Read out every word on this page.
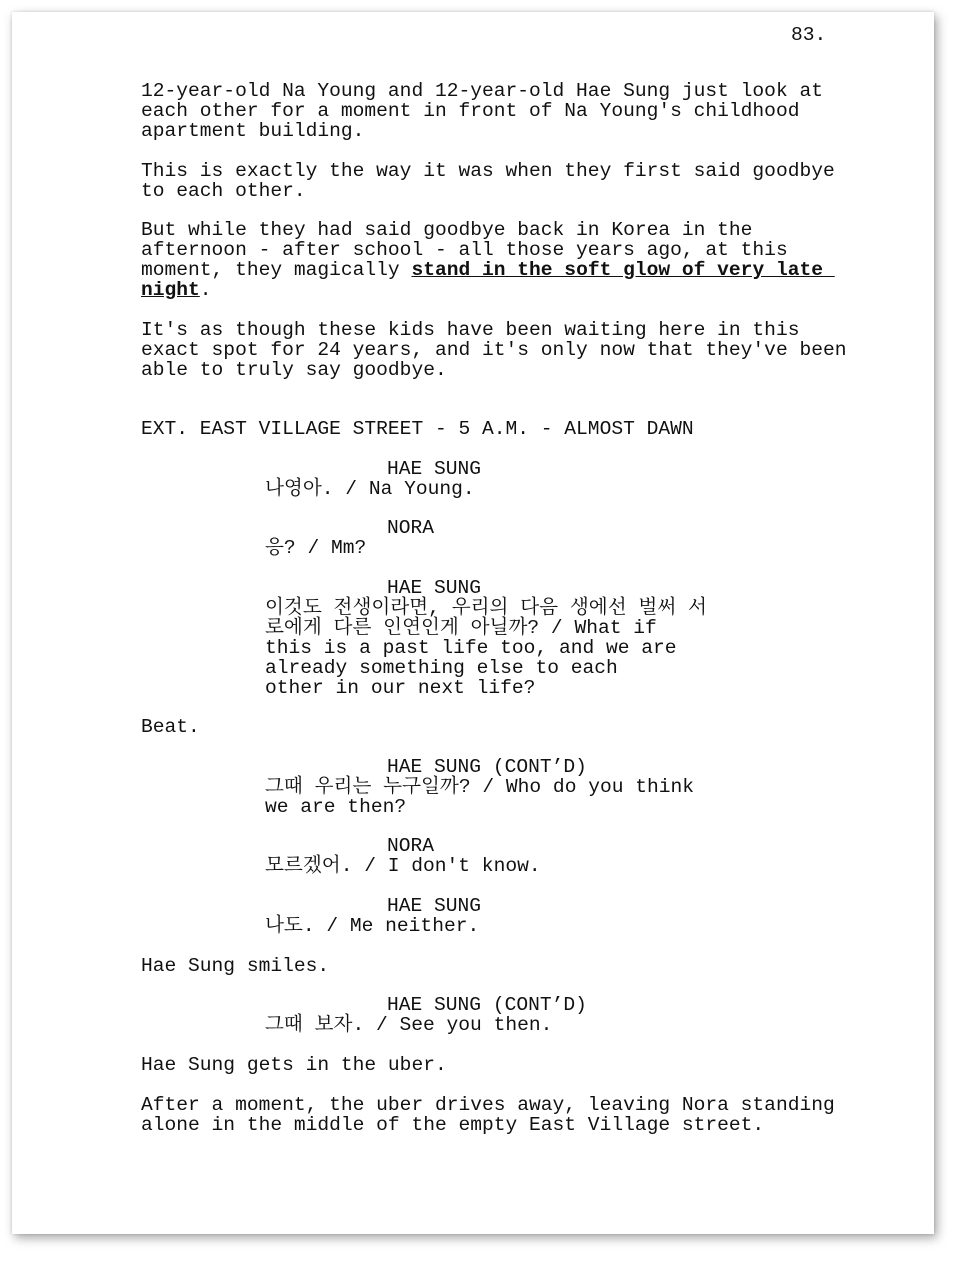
83.
12-year-old Na Young and 12-year-old Hae Sung just look at
each other for a moment in front of Na Young's childhood
apartment building.
This is exactly the way it was when they first said goodbye
to each other.
But while they had said goodbye back in Korea in the
afternoon - after school - all those years ago, at this
moment, they magically stand in the soft glow of very late
night.
It's as though these kids have been waiting here in this
exact spot for 24 years, and it's only now that they've been
able to truly say goodbye.
EXT. EAST VILLAGE STREET - 5 A.M. - ALMOST DAWN
HAE SUNG
나영아. / Na Young.
NORA
응? / Mm?
HAE SUNG
이것도 전생이라면, 우리의 다음 생에선 벌써 서
로에게 다른 인연인게 아닐까? / What if
this is a past life too, and we are
already something else to each
other in our next life?
Beat.
HAE SUNG (CONT’D)
그때 우리는 누구일까? / Who do you think
we are then?
NORA
모르겠어. / I don't know.
HAE SUNG
나도. / Me neither.
Hae Sung smiles.
HAE SUNG (CONT’D)
그때 보자. / See you then.
Hae Sung gets in the uber.
After a moment, the uber drives away, leaving Nora standing
alone in the middle of the empty East Village street.
